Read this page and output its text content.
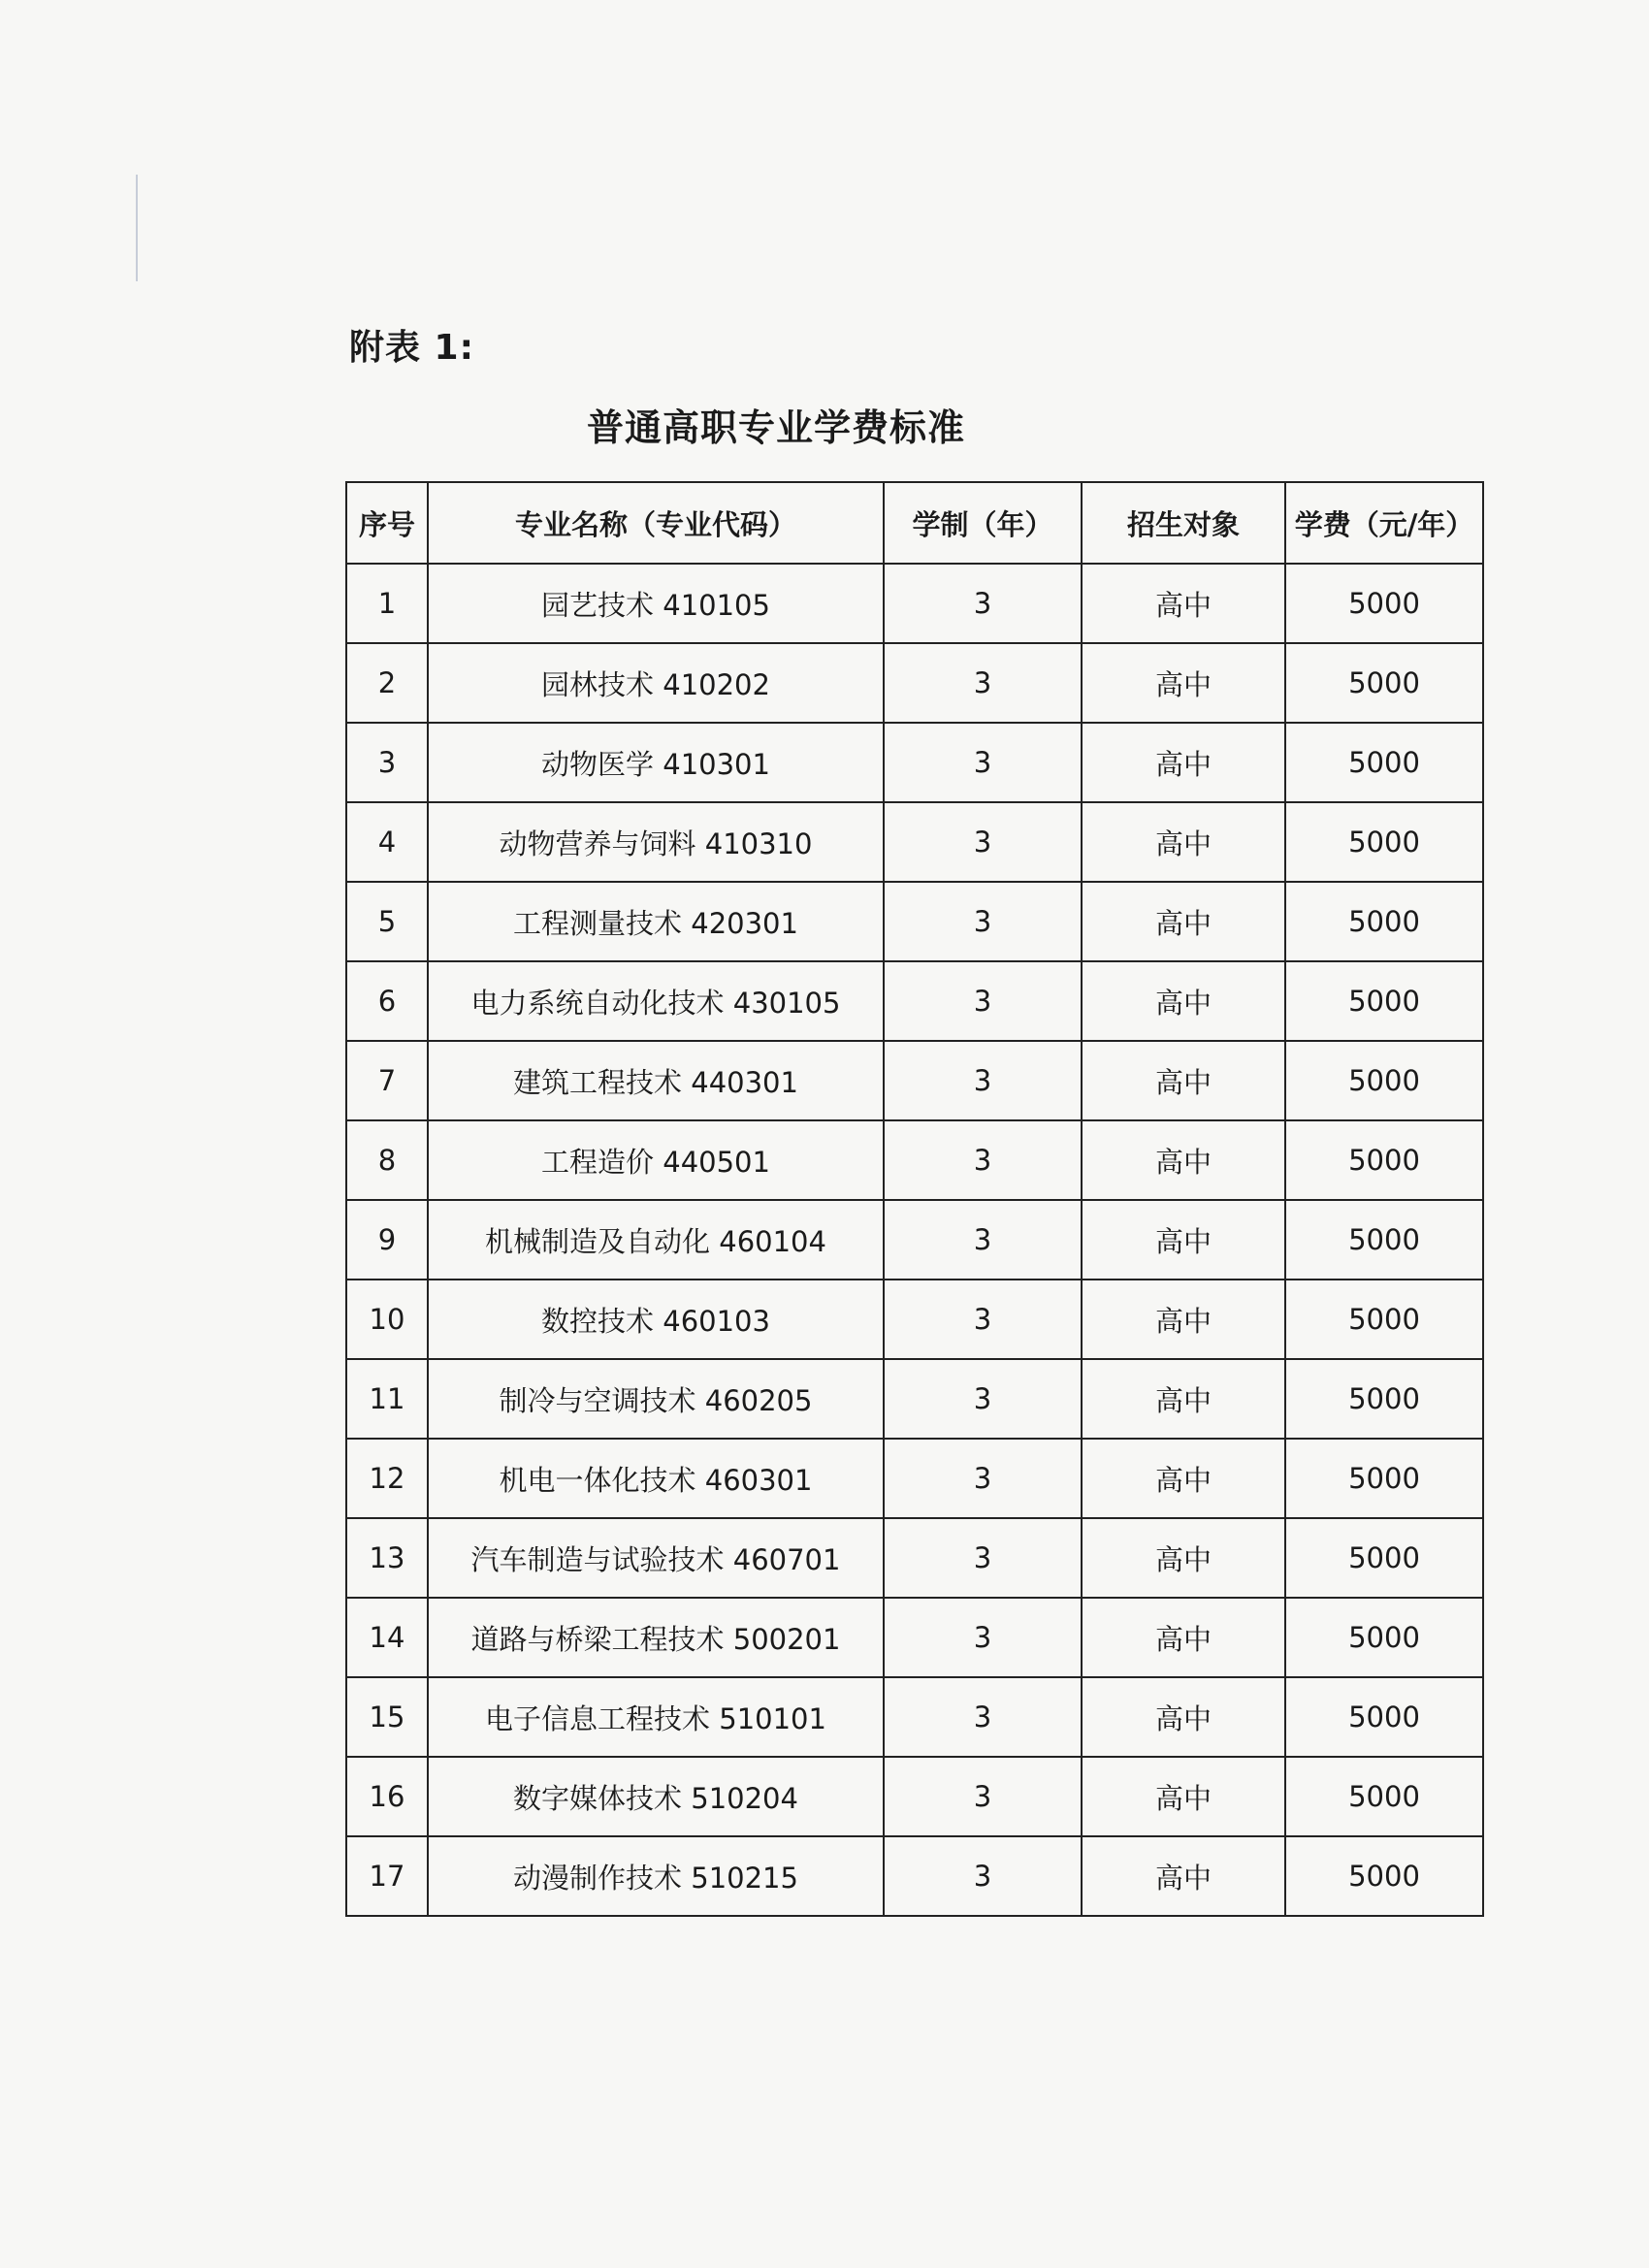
附表 1:
普通高职专业学费标准
序号	专业名称（专业代码）	学制（年）	招生对象	学费（元/年）
1	园艺技术 410105	3	高中	5000
2	园林技术 410202	3	高中	5000
3	动物医学 410301	3	高中	5000
4	动物营养与饲料 410310	3	高中	5000
5	工程测量技术 420301	3	高中	5000
6	电力系统自动化技术 430105	3	高中	5000
7	建筑工程技术 440301	3	高中	5000
8	工程造价 440501	3	高中	5000
9	机械制造及自动化 460104	3	高中	5000
10	数控技术 460103	3	高中	5000
11	制冷与空调技术 460205	3	高中	5000
12	机电一体化技术 460301	3	高中	5000
13	汽车制造与试验技术 460701	3	高中	5000
14	道路与桥梁工程技术 500201	3	高中	5000
15	电子信息工程技术 510101	3	高中	5000
16	数字媒体技术 510204	3	高中	5000
17	动漫制作技术 510215	3	高中	5000
